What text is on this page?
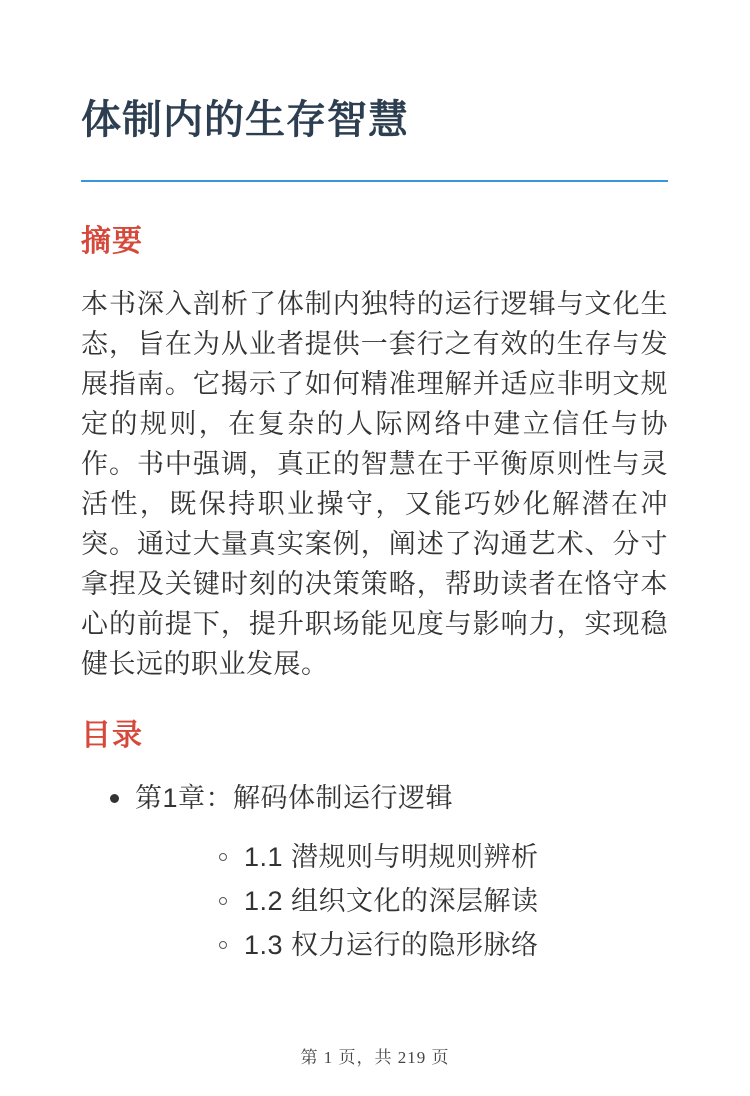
体制内的生存智慧
摘要

本书深入剖析了体制内独特的运行逻辑与文化生态，旨在为从业者提供一套行之有效的生存与发展指南。它揭示了如何精准理解并适应非明文规定的规则，在复杂的人际网络中建立信任与协作。书中强调，真正的智慧在于平衡原则性与灵活性，既保持职业操守，又能巧妙化解潜在冲突。通过大量真实案例，阐述了沟通艺术、分寸拿捏及关键时刻的决策策略，帮助读者在恪守本心的前提下，提升职场能见度与影响力，实现稳健长远的职业发展。

目录
第1章：解码体制运行逻辑
1.1 潜规则与明规则辨析
1.2 组织文化的深层解读
1.3 权力运行的隐形脉络
第 1 页，共 219 页
